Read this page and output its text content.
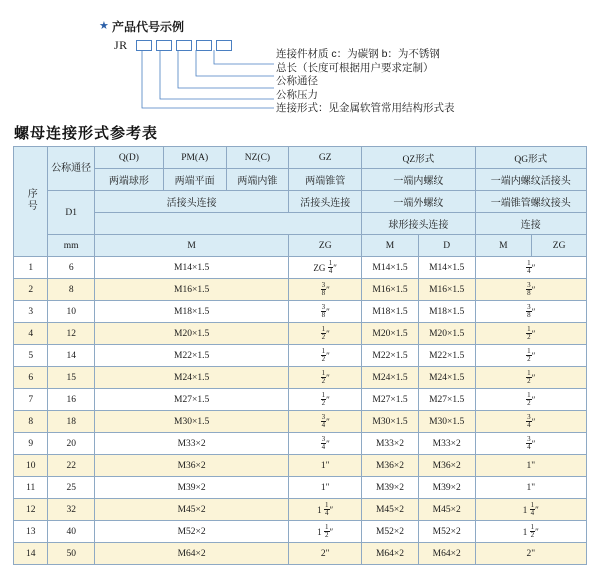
★ 产品代号示例
JR
连接件材质 c：为碳钢 b：为不锈钢
总长（长度可根据用户要求定制）
公称通径
公称压力
连接形式：见金属软管常用结构形式表
螺母连接形式参考表
序号	公称通径	Q(D)	PM(A)	NZ(C)	GZ	QZ形式		QG形式	
		两端球形	两端平面	两端内锥	两端锥管	一端内螺纹		一端内螺纹活接头	
	D1	活接头连接			活接头连接	一端外螺纹		一端锥管螺纹接头	
						球形接头连接		连接	
	mm	M			ZG	M	D	M	ZG
1	6	M14×1.5			ZG $\frac{1}{4}$ ″	M14×1.5	M14×1.5	$\frac{1}{4}$ ″	
2	8	M16×1.5			$\frac{3}{8}$ ″	M16×1.5	M16×1.5	$\frac{3}{8}$ ″	
3	10	M18×1.5			$\frac{3}{8}$ ″	M18×1.5	M18×1.5	$\frac{3}{8}$ ″	
4	12	M20×1.5			$\frac{1}{2}$ ″	M20×1.5	M20×1.5	$\frac{1}{2}$ ″	
5	14	M22×1.5			$\frac{1}{2}$ ″	M22×1.5	M22×1.5	$\frac{1}{2}$ ″	
6	15	M24×1.5			$\frac{1}{2}$ ″	M24×1.5	M24×1.5	$\frac{1}{2}$ ″	
7	16	M27×1.5			$\frac{1}{2}$ ″	M27×1.5	M27×1.5	$\frac{1}{2}$ ″	
8	18	M30×1.5			$\frac{3}{4}$ ″	M30×1.5	M30×1.5	$\frac{3}{4}$ ″	
9	20	M33×2			$\frac{3}{4}$ ″	M33×2	M33×2	$\frac{3}{4}$ ″	
10	22	M36×2			1"	M36×2	M36×2	1"	
11	25	M39×2			1"	M39×2	M39×2	1"	
12	32	M45×2			$1 \frac{1}{4}$ ″	M45×2	M45×2	$1 \frac{1}{4}$ ″	
13	40	M52×2			$1 \frac{1}{2}$ ″	M52×2	M52×2	$1 \frac{1}{2}$ ″	
14	50	M64×2			2"	M64×2	M64×2	2"	
